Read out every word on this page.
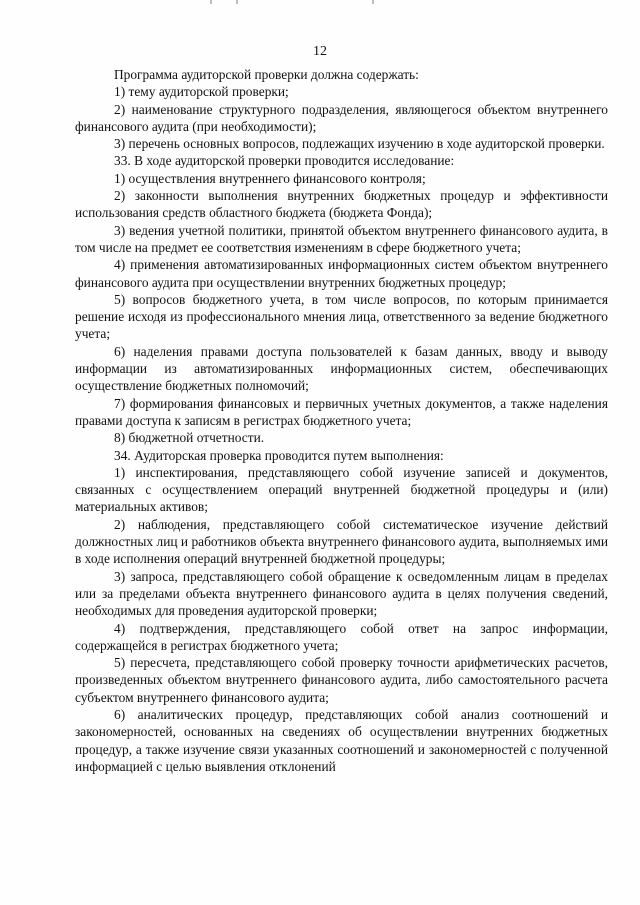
12

Программа аудиторской проверки должна содержать:

1) тему аудиторской проверки;

2) наименование структурного подразделения, являющегося объектом внутреннего финансового аудита (при необходимости);

3) перечень основных вопросов, подлежащих изучению в ходе аудиторской проверки.

33. В ходе аудиторской проверки проводится исследование:

1) осуществления внутреннего финансового контроля;

2) законности выполнения внутренних бюджетных процедур и эффективности использования средств областного бюджета (бюджета Фонда);

3) ведения учетной политики, принятой объектом внутреннего финансового аудита, в том числе на предмет ее соответствия изменениям в сфере бюджетного учета;

4) применения автоматизированных информационных систем объектом внутреннего финансового аудита при осуществлении внутренних бюджетных процедур;

5) вопросов бюджетного учета, в том числе вопросов, по которым принимается решение исходя из профессионального мнения лица, ответственного за ведение бюджетного учета;

6) наделения правами доступа пользователей к базам данных, вводу и выводу информации из автоматизированных информационных систем, обеспечивающих осуществление бюджетных полномочий;

7) формирования финансовых и первичных учетных документов, а также наделения правами доступа к записям в регистрах бюджетного учета;

8) бюджетной отчетности.

34. Аудиторская проверка проводится путем выполнения:

1) инспектирования, представляющего собой изучение записей и документов, связанных с осуществлением операций внутренней бюджетной процедуры и (или) материальных активов;

2) наблюдения, представляющего собой систематическое изучение действий должностных лиц и работников объекта внутреннего финансового аудита, выполняемых ими в ходе исполнения операций внутренней бюджетной процедуры;

3) запроса, представляющего собой обращение к осведомленным лицам в пределах или за пределами объекта внутреннего финансового аудита в целях получения сведений, необходимых для проведения аудиторской проверки;

4) подтверждения, представляющего собой ответ на запрос информации, содержащейся в регистрах бюджетного учета;

5) пересчета, представляющего собой проверку точности арифметических расчетов, произведенных объектом внутреннего финансового аудита, либо самостоятельного расчета субъектом внутреннего финансового аудита;

6) аналитических процедур, представляющих собой анализ соотношений и закономерностей, основанных на сведениях об осуществлении внутренних бюджетных процедур, а также изучение связи указанных соотношений и закономерностей с полученной информацией с целью выявления отклонений
